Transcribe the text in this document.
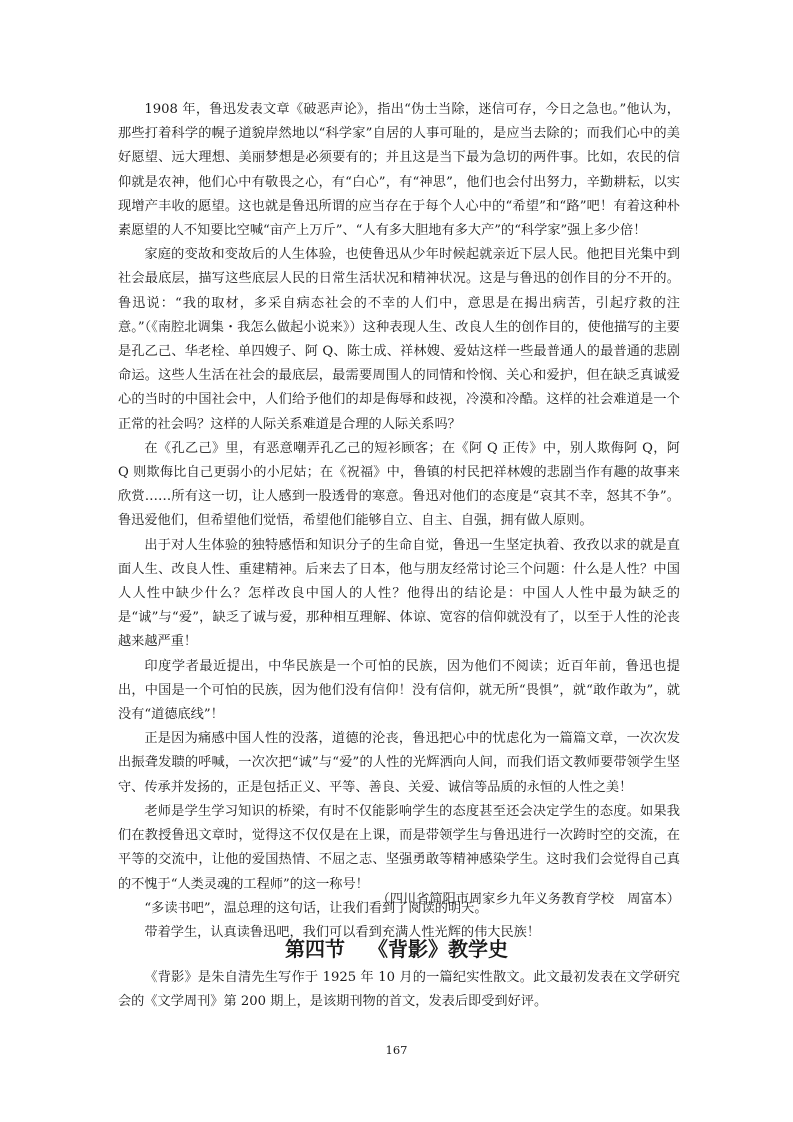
1908 年，鲁迅发表文章《破恶声论》，指出“伪士当除，迷信可存，今日之急也。”他认为，那些打着科学的幌子道貌岸然地以“科学家”自居的人事可耻的，是应当去除的；而我们心中的美好愿望、远大理想、美丽梦想是必须要有的；并且这是当下最为急切的两件事。比如，农民的信仰就是农神，他们心中有敬畏之心，有“白心”，有“神思”，他们也会付出努力，辛勤耕耘，以实现增产丰收的愿望。这也就是鲁迅所谓的应当存在于每个人心中的“希望”和“路”吧！有着这种朴素愿望的人不知要比空喊“亩产上万斤”、“人有多大胆地有多大产”的“科学家”强上多少倍！

家庭的变故和变故后的人生体验，也使鲁迅从少年时候起就亲近下层人民。他把目光集中到社会最底层，描写这些底层人民的日常生活状况和精神状况。这是与鲁迅的创作目的分不开的。鲁迅说：“我的取材，多采自病态社会的不幸的人们中，意思是在揭出病苦，引起疗救的注意。”（《南腔北调集・我怎么做起小说来》）这种表现人生、改良人生的创作目的，使他描写的主要是孔乙己、华老栓、单四嫂子、阿 Q、陈士成、祥林嫂、爱姑这样一些最普通人的最普通的悲剧命运。这些人生活在社会的最底层，最需要周围人的同情和怜悯、关心和爱护，但在缺乏真诚爱心的当时的中国社会中，人们给予他们的却是侮辱和歧视，冷漠和冷酷。这样的社会难道是一个正常的社会吗？这样的人际关系难道是合理的人际关系吗？

在《孔乙己》里，有恶意嘲弄孔乙己的短衫顾客；在《阿 Q 正传》中，别人欺侮阿 Q，阿 Q 则欺侮比自己更弱小的小尼姑；在《祝福》中，鲁镇的村民把祥林嫂的悲剧当作有趣的故事来欣赏……所有这一切，让人感到一股透骨的寒意。鲁迅对他们的态度是“哀其不幸，怒其不争”。鲁迅爱他们，但希望他们觉悟，希望他们能够自立、自主、自强，拥有做人原则。

出于对人生体验的独特感悟和知识分子的生命自觉，鲁迅一生坚定执着、孜孜以求的就是直面人生、改良人性、重建精神。后来去了日本，他与朋友经常讨论三个问题：什么是人性？中国人人性中缺少什么？怎样改良中国人的人性？他得出的结论是：中国人人性中最为缺乏的是“诚”与“爱”，缺乏了诚与爱，那种相互理解、体谅、宽容的信仰就没有了，以至于人性的沦丧越来越严重！

印度学者最近提出，中华民族是一个可怕的民族，因为他们不阅读；近百年前，鲁迅也提出，中国是一个可怕的民族，因为他们没有信仰！没有信仰，就无所“畏惧”，就“敢作敢为”，就没有“道德底线”！

正是因为痛感中国人性的没落，道德的沦丧，鲁迅把心中的忧虑化为一篇篇文章，一次次发出振聋发聩的呼喊，一次次把“诚”与“爱”的人性的光辉洒向人间，而我们语文教师要带领学生坚守、传承并发扬的，正是包括正义、平等、善良、关爱、诚信等品质的永恒的人性之美！

老师是学生学习知识的桥梁，有时不仅能影响学生的态度甚至还会决定学生的态度。如果我们在教授鲁迅文章时，觉得这不仅仅是在上课，而是带领学生与鲁迅进行一次跨时空的交流，在平等的交流中，让他的爱国热情、不屈之志、坚强勇敢等精神感染学生。这时我们会觉得自己真的不愧于“人类灵魂的工程师”的这一称号！

“多读书吧”，温总理的这句话，让我们看到了阅读的明天。

带着学生，认真读鲁迅吧，我们可以看到充满人性光辉的伟大民族！

（四川省简阳市周家乡九年义务教育学校　周富本）
第四节 《背影》教学史

《背影》是朱自清先生写作于 1925 年 10 月的一篇纪实性散文。此文最初发表在文学研究会的《文学周刊》第 200 期上，是该期刊物的首文，发表后即受到好评。

167
